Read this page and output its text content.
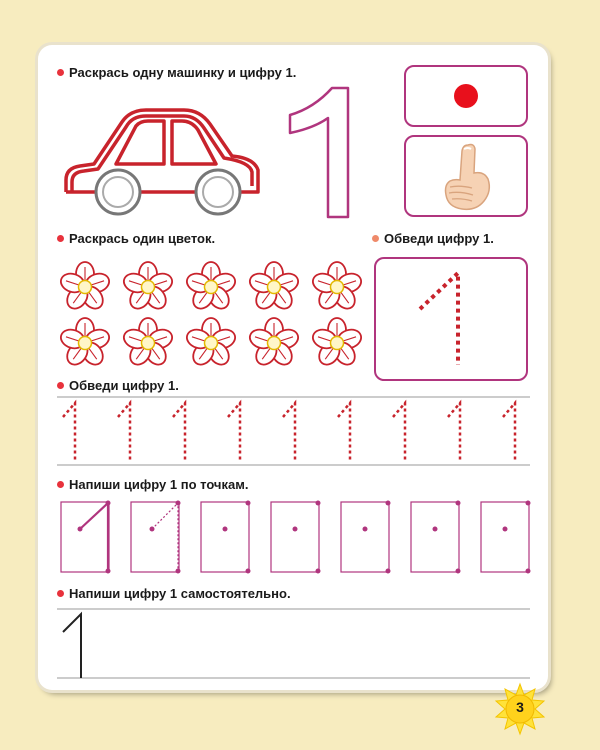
Раскрась одну машинку и цифру 1.
Раскрась один цветок.	Обведи цифру 1.
Обведи цифру 1.
Напиши цифру 1 по точкам.
Напиши цифру 1 самостоятельно.
3
